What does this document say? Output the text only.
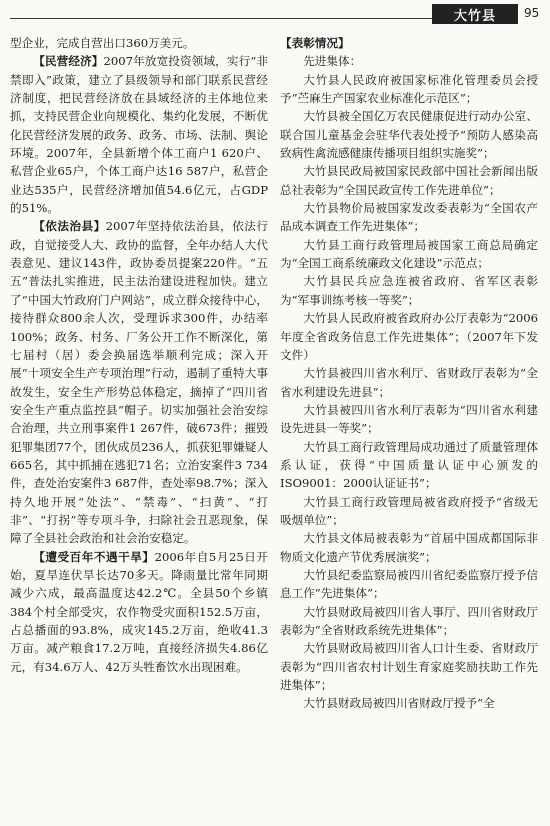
大竹县	95

型企业，完成自营出口360万美元。

【民营经济】2007年放宽投资领域，实行“非禁即入”政策，建立了县级领导和部门联系民营经济制度，把民营经济放在县域经济的主体地位来抓，支持民营企业向规模化、集约化发展，不断优化民营经济发展的政务、政务、市场、法制、舆论环境。2007年，全县新增个体工商户1 620户、私营企业65户，个体工商户达16 587户，私营企业达535户，民营经济增加值54.6亿元，占GDP的51%。

【依法治县】2007年坚持依法治县，依法行政，自觉接受人大、政协的监督，全年办结人大代表意见、建议143件，政协委员提案220件。“五五”普法扎实推进，民主法治建设进程加快。建立了“中国大竹政府门户网站”，成立群众接待中心，接待群众800余人次，受理诉求300件，办结率100%；政务、村务、厂务公开工作不断深化，第七届村（居）委会换届选举顺利完成；深入开展“十项安全生产专项治理”行动，遏制了重特大事故发生，安全生产形势总体稳定，摘掉了“四川省安全生产重点监控县”帽子。切实加强社会治安综合治理，共立刑事案件1 267件，破673件；摧毁犯罪集团77个，团伙成员236人，抓获犯罪嫌疑人665名，其中抓捕在逃犯71名；立治安案件3 734件，查处治安案件3 687件，查处率98.7%；深入持久地开展“处法”、“禁毒”、“扫黄”、“打非”、“打拐”等专项斗争，扫除社会丑恶现象，保障了全县社会政治和社会治安稳定。

【遭受百年不遇干旱】2006年自5月25日开始，夏旱连伏旱长达70多天。降雨量比常年同期减少六成，最高温度达42.2℃。全县50个乡镇384个村全部受灾，农作物受灾面积152.5万亩，占总播面的93.8%，成灾145.2万亩，绝收41.3万亩。减产粮食17.2万吨，直接经济损失4.86亿元，有34.6万人、42万头牲畜饮水出现困难。

【表彰情况】

先进集体：

大竹县人民政府被国家标准化管理委员会授予“苎麻生产国家农业标准化示范区”；

大竹县被全国亿万农民健康促进行动办公室、联合国儿童基金会驻华代表处授予“预防人感染高致病性禽流感健康传播项目组织实施奖”；

大竹县民政局被国家民政部中国社会新闻出版总社表彰为“全国民政宣传工作先进单位”；

大竹县物价局被国家发改委表彰为“全国农产品成本调查工作先进集体”；

大竹县工商行政管理局被国家工商总局确定为“全国工商系统廉政文化建设”示范点；

大竹县民兵应急连被省政府、省军区表彰为“军事训练考核一等奖”；

大竹县人民政府被省政府办公厅表彰为“2006年度全省政务信息工作先进集体”；（2007年下发文件）

大竹县被四川省水利厅、省财政厅表彰为“全省水利建设先进县”；

大竹县被四川省水利厅表彰为“四川省水利建设先进县一等奖”；

大竹县工商行政管理局成功通过了质量管理体系认证，获得“中国质量认证中心颁发的ISO9001：2000认证证书”；

大竹县工商行政管理局被省政府授予“省级无吸烟单位”；

大竹县文体局被表彰为“首届中国成都国际非物质文化遗产节优秀展演奖”；

大竹县纪委监察局被四川省纪委监察厅授予信息工作“先进集体”；

大竹县财政局被四川省人事厅、四川省财政厅表彰为“全省财政系统先进集体”；

大竹县财政局被四川省人口计生委、省财政厅表彰为“四川省农村计划生育家庭奖励扶助工作先进集体”；

大竹县财政局被四川省财政厅授予“全
